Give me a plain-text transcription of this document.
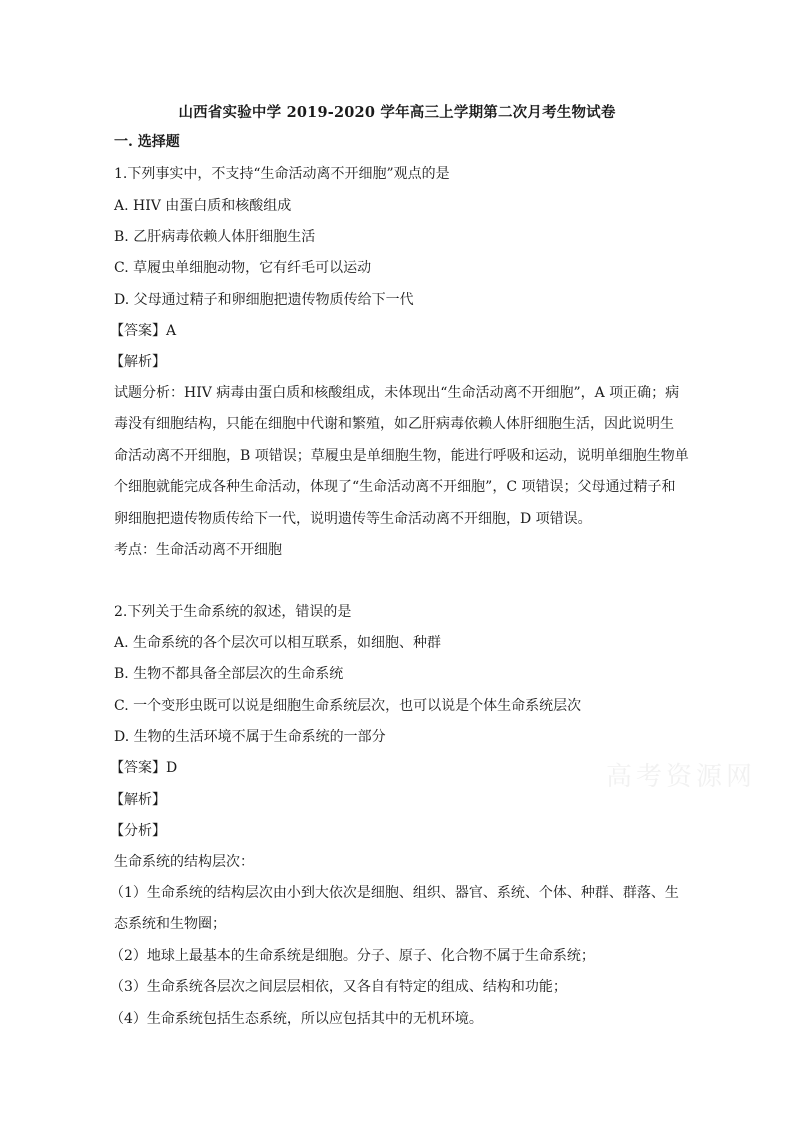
山西省实验中学 2019-2020 学年高三上学期第二次月考生物试卷
一. 选择题
1.下列事实中，不支持“生命活动离不开细胞”观点的是
A. HIV 由蛋白质和核酸组成
B. 乙肝病毒依赖人体肝细胞生活
C. 草履虫单细胞动物，它有纤毛可以运动
D. 父母通过精子和卵细胞把遗传物质传给下一代
【答案】A
【解析】
试题分析：HIV 病毒由蛋白质和核酸组成，未体现出“生命活动离不开细胞”，A 项正确；病
毒没有细胞结构，只能在细胞中代谢和繁殖，如乙肝病毒依赖人体肝细胞生活，因此说明生
命活动离不开细胞，B 项错误；草履虫是单细胞生物，能进行呼吸和运动，说明单细胞生物单
个细胞就能完成各种生命活动，体现了“生命活动离不开细胞”，C 项错误；父母通过精子和
卵细胞把遗传物质传给下一代，说明遗传等生命活动离不开细胞，D 项错误。
考点：生命活动离不开细胞
2.下列关于生命系统的叙述，错误的是
A. 生命系统的各个层次可以相互联系，如细胞、种群
B. 生物不都具备全部层次的生命系统
C. 一个变形虫既可以说是细胞生命系统层次，也可以说是个体生命系统层次
D. 生物的生活环境不属于生命系统的一部分
【答案】D
【解析】
【分析】
生命系统的结构层次：
（1）生命系统的结构层次由小到大依次是细胞、组织、器官、系统、个体、种群、群落、生
态系统和生物圈；
（2）地球上最基本的生命系统是细胞。分子、原子、化合物不属于生命系统；
（3）生命系统各层次之间层层相依，又各自有特定的组成、结构和功能；
（4）生命系统包括生态系统，所以应包括其中的无机环境。
高考资源网
